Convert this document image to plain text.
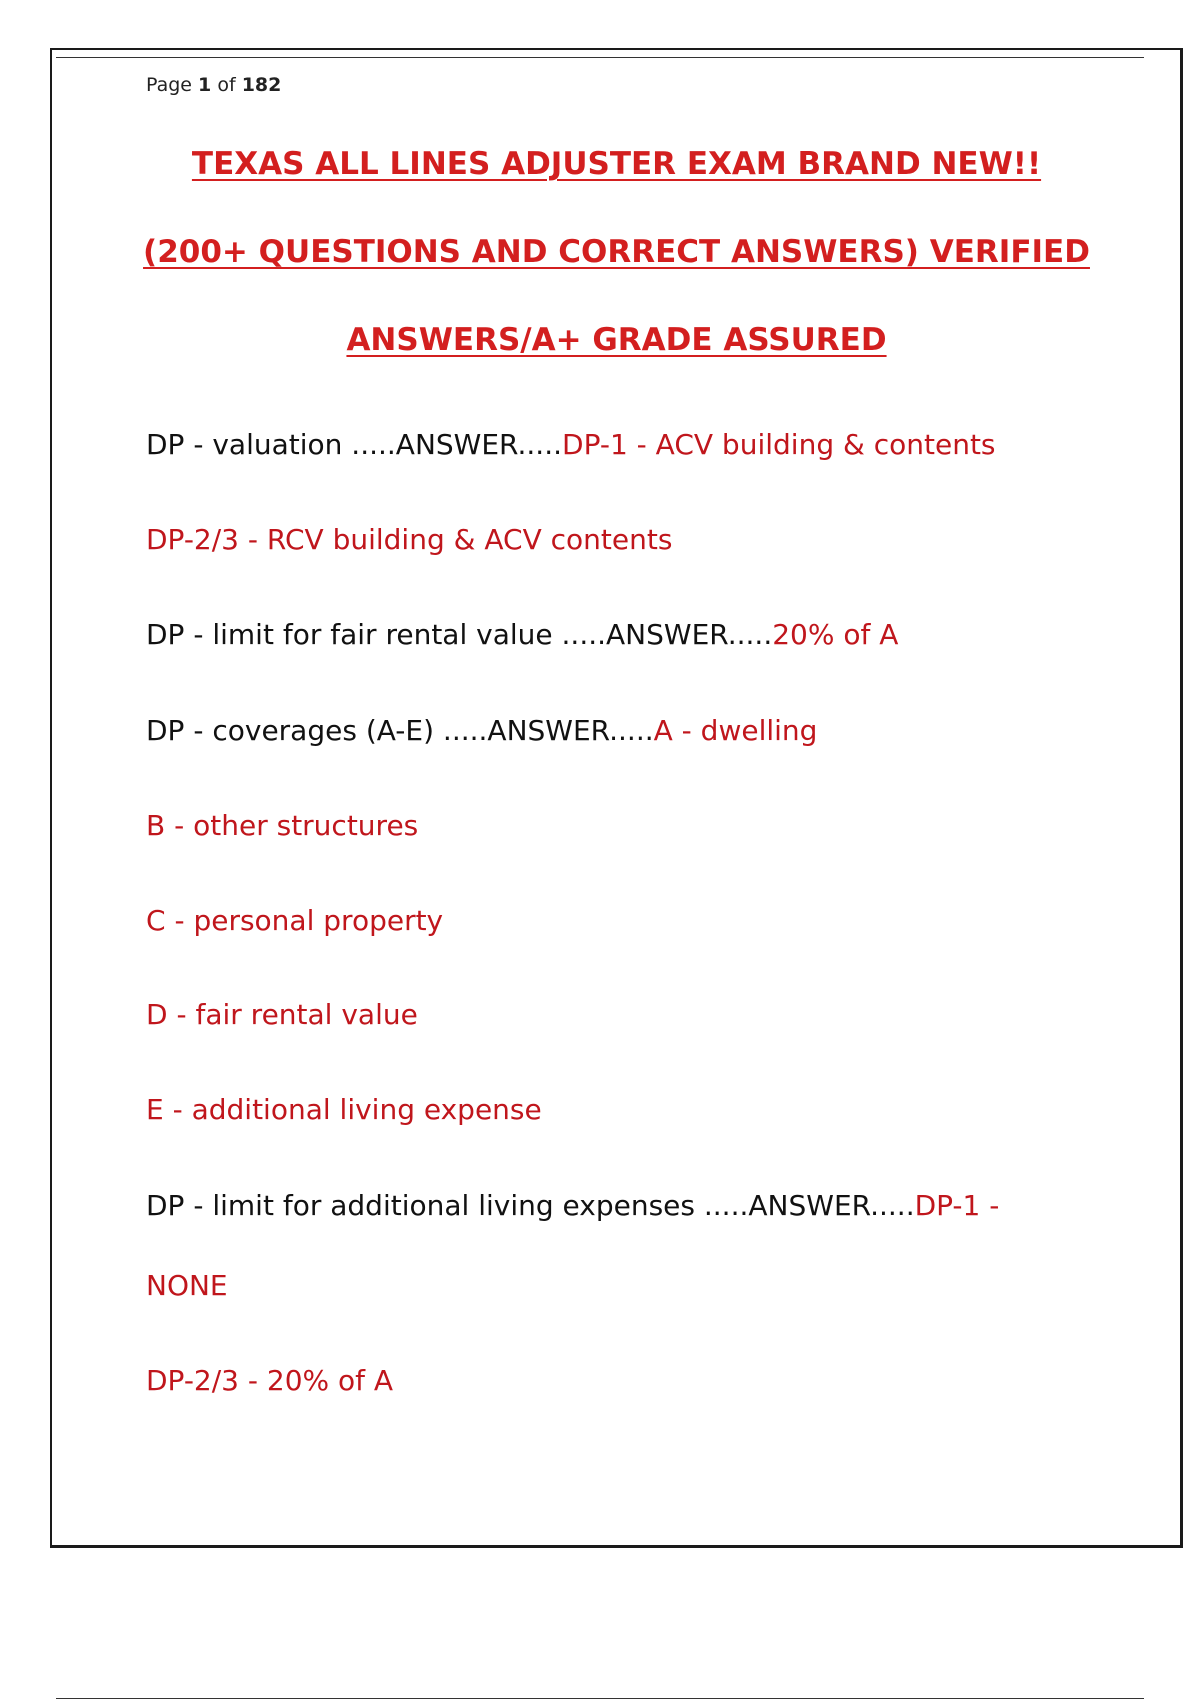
Page 1 of 182
TEXAS ALL LINES ADJUSTER EXAM BRAND NEW!!
(200+ QUESTIONS AND CORRECT ANSWERS) VERIFIED
ANSWERS/A+ GRADE ASSURED
DP - valuation .....ANSWER.....DP-1 - ACV building & contents
DP-2/3 - RCV building & ACV contents
DP - limit for fair rental value .....ANSWER.....20% of A
DP - coverages (A-E) .....ANSWER.....A - dwelling
B - other structures
C - personal property
D - fair rental value
E - additional living expense
DP - limit for additional living expenses .....ANSWER.....DP-1 -
NONE
DP-2/3 - 20% of A
